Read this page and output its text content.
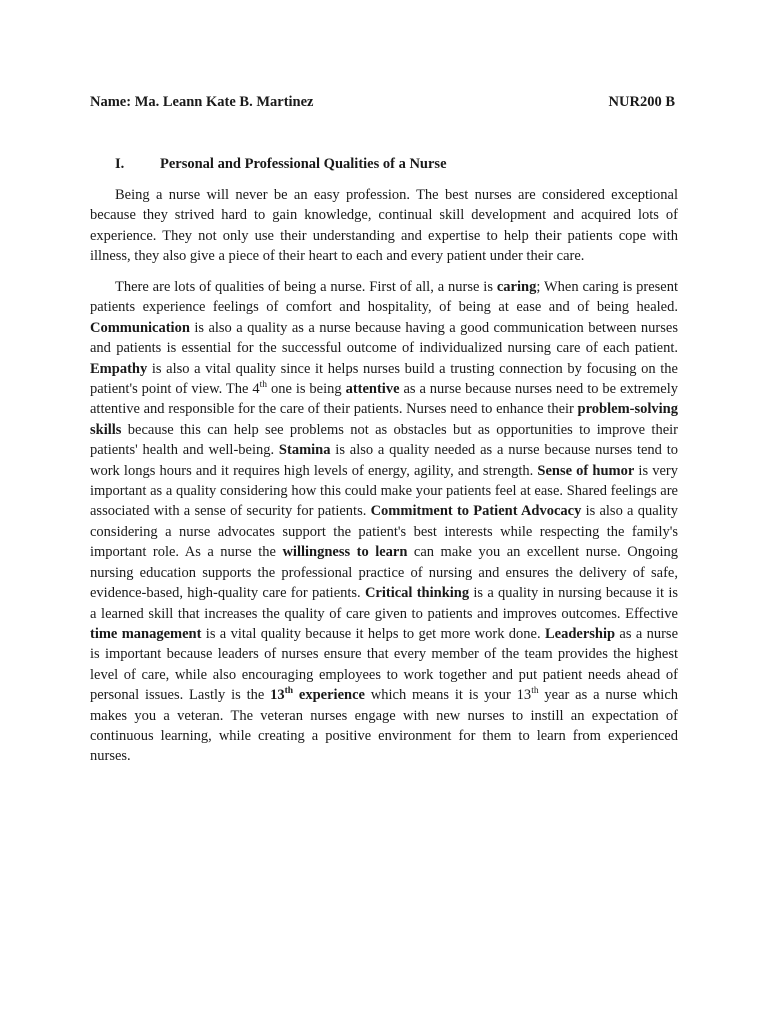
Name: Ma. Leann Kate B. Martinez	NUR200 B
I. Personal and Professional Qualities of a Nurse

Being a nurse will never be an easy profession. The best nurses are considered exceptional because they strived hard to gain knowledge, continual skill development and acquired lots of experience. They not only use their understanding and expertise to help their patients cope with illness, they also give a piece of their heart to each and every patient under their care.

There are lots of qualities of being a nurse. First of all, a nurse is caring; When caring is present patients experience feelings of comfort and hospitality, of being at ease and of being healed. Communication is also a quality as a nurse because having a good communication between nurses and patients is essential for the successful outcome of individualized nursing care of each patient. Empathy is also a vital quality since it helps nurses build a trusting connection by focusing on the patient's point of view. The 4th one is being attentive as a nurse because nurses need to be extremely attentive and responsible for the care of their patients. Nurses need to enhance their problem-solving skills because this can help see problems not as obstacles but as opportunities to improve their patients' health and well-being. Stamina is also a quality needed as a nurse because nurses tend to work longs hours and it requires high levels of energy, agility, and strength. Sense of humor is very important as a quality considering how this could make your patients feel at ease. Shared feelings are associated with a sense of security for patients. Commitment to Patient Advocacy is also a quality considering a nurse advocates support the patient's best interests while respecting the family's important role. As a nurse the willingness to learn can make you an excellent nurse. Ongoing nursing education supports the professional practice of nursing and ensures the delivery of safe, evidence-based, high-quality care for patients. Critical thinking is a quality in nursing because it is a learned skill that increases the quality of care given to patients and improves outcomes. Effective time management is a vital quality because it helps to get more work done. Leadership as a nurse is important because leaders of nurses ensure that every member of the team provides the highest level of care, while also encouraging employees to work together and put patient needs ahead of personal issues. Lastly is the 13th experience which means it is your 13th year as a nurse which makes you a veteran. The veteran nurses engage with new nurses to instill an expectation of continuous learning, while creating a positive environment for them to learn from experienced nurses.
